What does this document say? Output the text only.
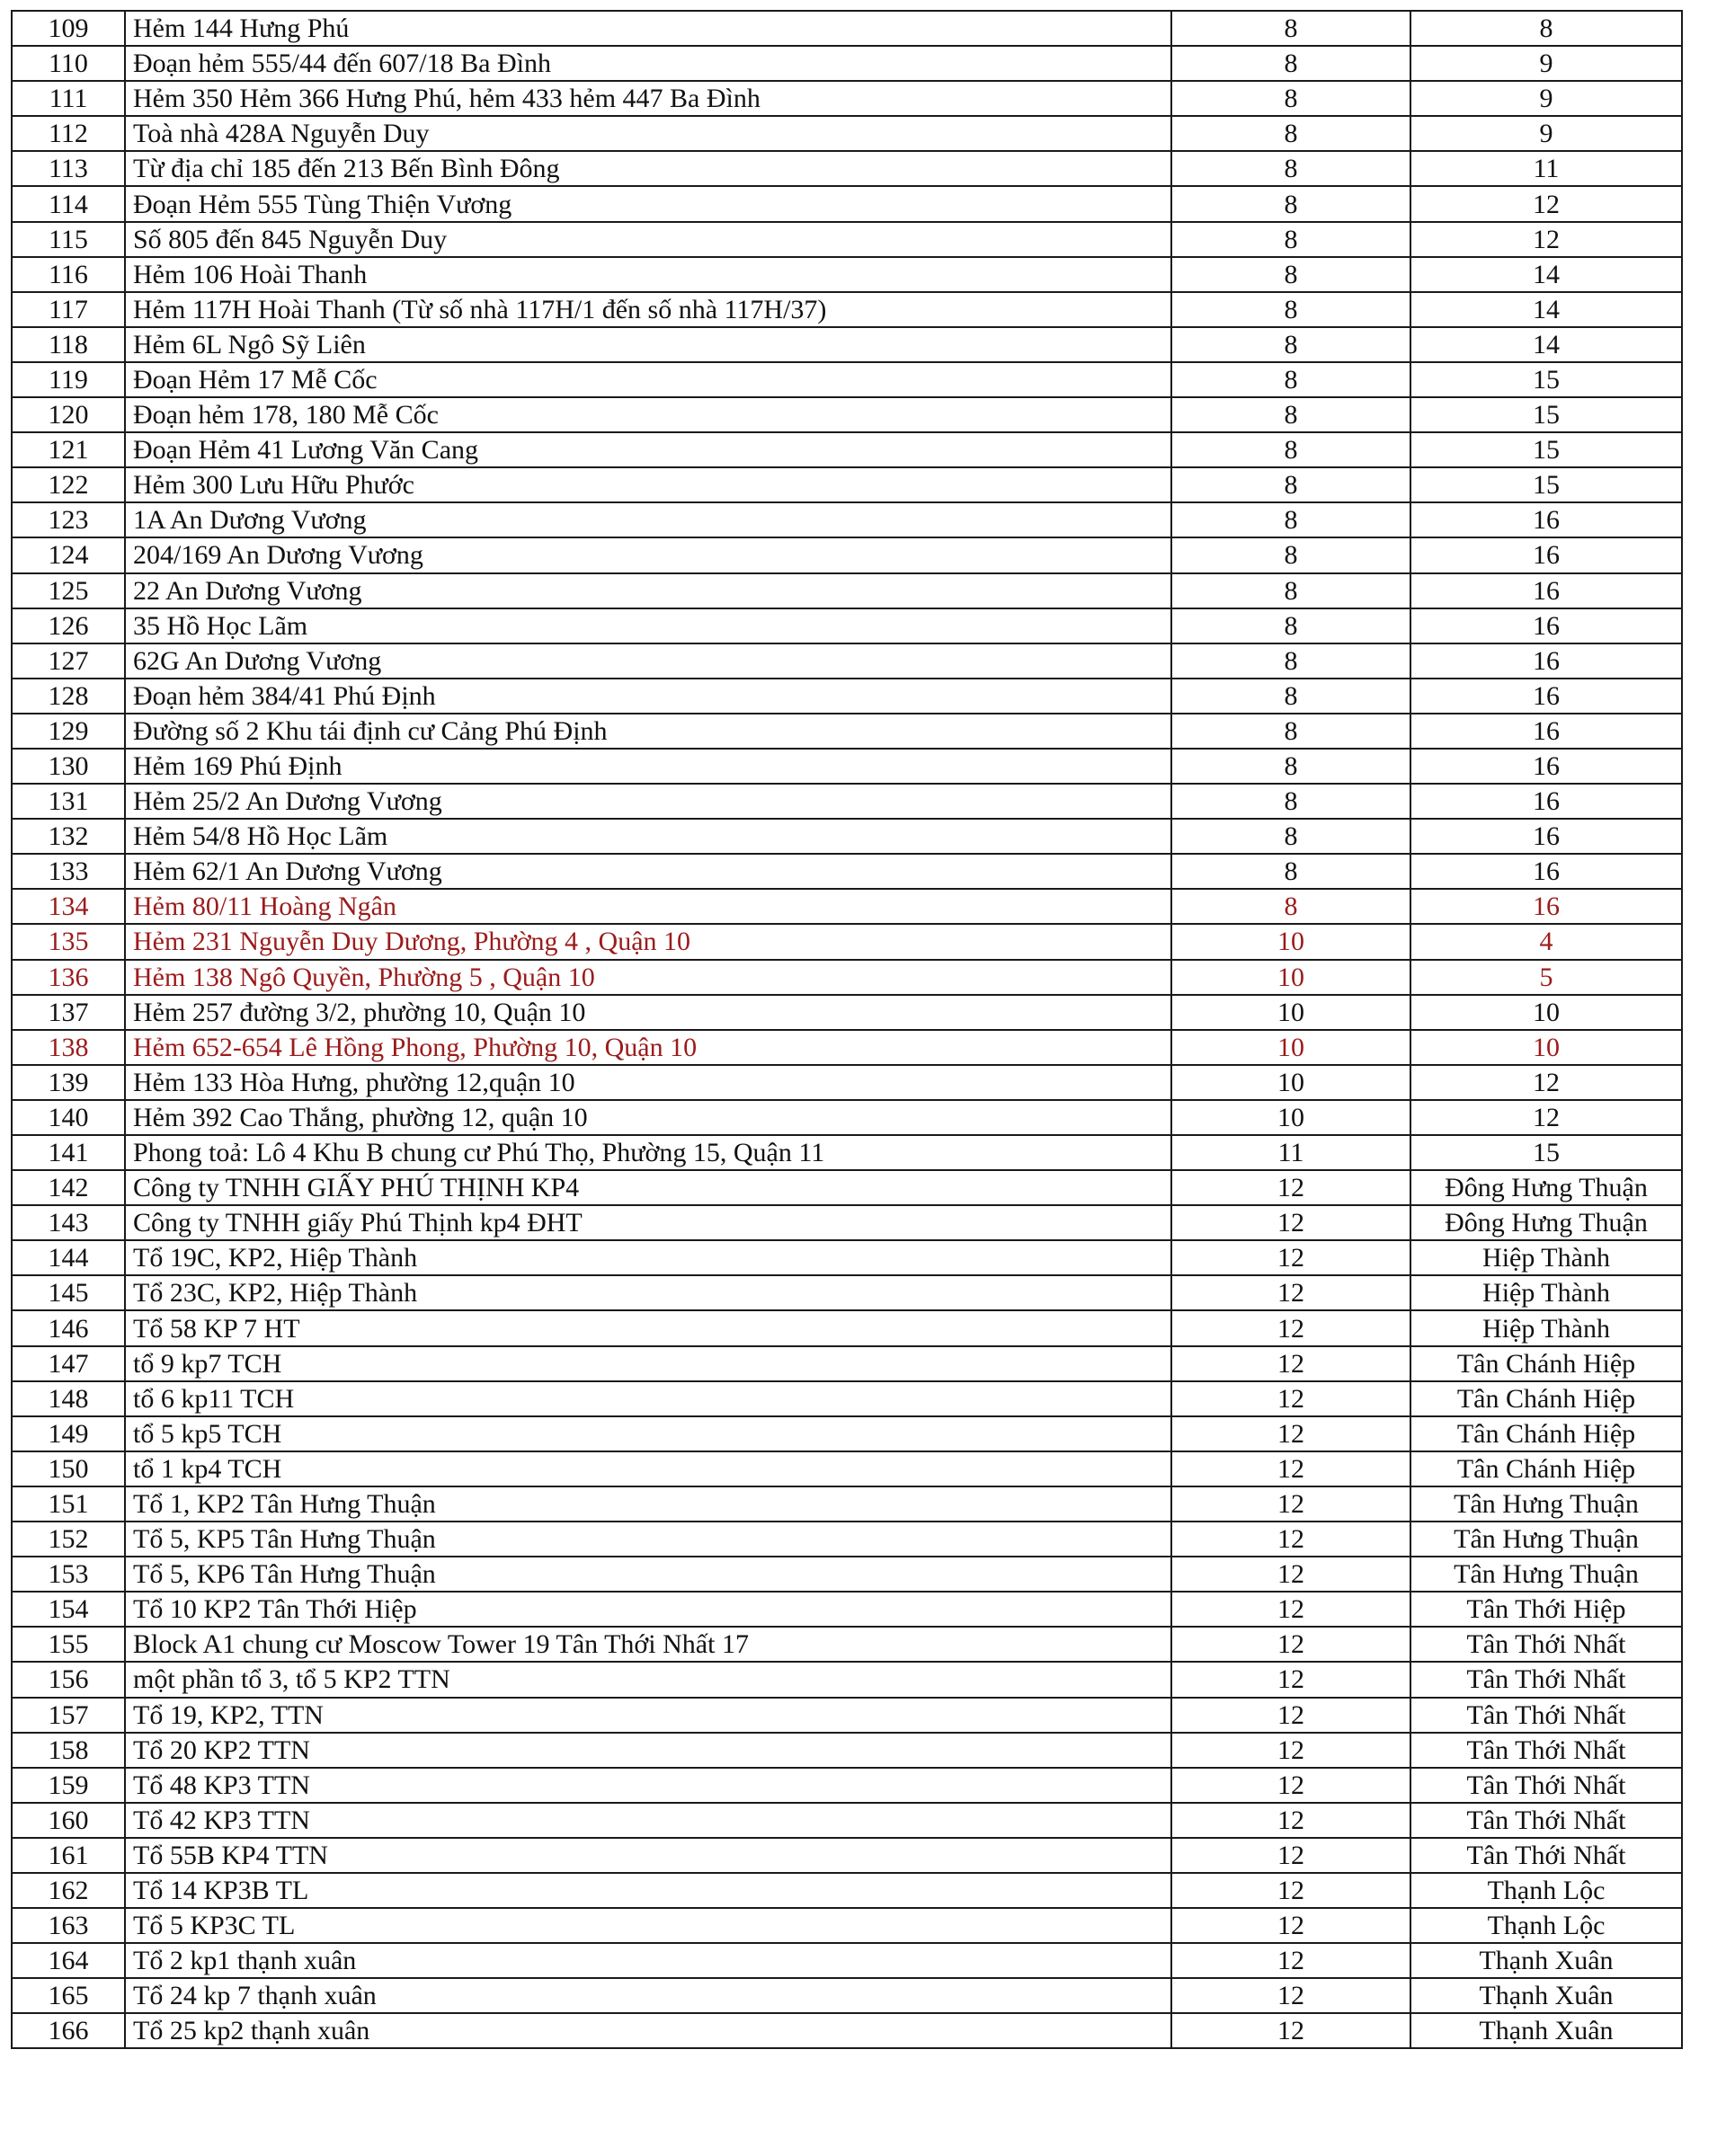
109	Hẻm 144 Hưng Phú	8	8
110	Đoạn hẻm 555/44 đến 607/18 Ba Đình	8	9
111	Hẻm 350 Hẻm 366 Hưng Phú, hẻm 433 hẻm 447 Ba Đình	8	9
112	Toà nhà 428A Nguyễn Duy	8	9
113	Từ địa chỉ 185 đến 213 Bến Bình Đông	8	11
114	Đoạn Hẻm 555 Tùng Thiện Vương	8	12
115	Số 805 đến 845 Nguyễn Duy	8	12
116	Hẻm 106 Hoài Thanh	8	14
117	Hẻm 117H Hoài Thanh (Từ số nhà 117H/1 đến số nhà 117H/37)	8	14
118	Hẻm 6L Ngô Sỹ Liên	8	14
119	Đoạn Hẻm 17 Mễ Cốc	8	15
120	Đoạn hẻm 178, 180 Mễ Cốc	8	15
121	Đoạn Hẻm 41 Lương Văn Cang	8	15
122	Hẻm 300 Lưu Hữu Phước	8	15
123	1A An Dương Vương	8	16
124	204/169 An Dương Vương	8	16
125	22 An Dương Vương	8	16
126	35 Hồ Học Lãm	8	16
127	62G An Dương Vương	8	16
128	Đoạn hẻm 384/41 Phú Định	8	16
129	Đường số 2 Khu tái định cư Cảng Phú Định	8	16
130	Hẻm 169 Phú Định	8	16
131	Hẻm 25/2 An Dương Vương	8	16
132	Hẻm 54/8 Hồ Học Lãm	8	16
133	Hẻm 62/1 An Dương Vương	8	16
134	Hẻm 80/11 Hoàng Ngân	8	16
135	Hẻm 231 Nguyễn Duy Dương, Phường 4 , Quận 10	10	4
136	Hẻm 138 Ngô Quyền, Phường 5 , Quận 10	10	5
137	Hẻm 257 đường 3/2, phường 10, Quận 10	10	10
138	Hẻm 652-654 Lê Hồng Phong, Phường 10, Quận 10	10	10
139	Hẻm 133 Hòa Hưng, phường 12,quận 10	10	12
140	Hẻm 392 Cao Thắng, phường 12, quận 10	10	12
141	Phong toả: Lô 4 Khu B chung cư Phú Thọ, Phường 15, Quận 11	11	15
142	Công ty TNHH GIẤY PHÚ THỊNH KP4	12	Đông Hưng Thuận
143	Công ty TNHH giấy Phú Thịnh kp4 ĐHT	12	Đông Hưng Thuận
144	Tổ 19C, KP2, Hiệp Thành	12	Hiệp Thành
145	Tổ 23C, KP2, Hiệp Thành	12	Hiệp Thành
146	Tổ 58 KP 7 HT	12	Hiệp Thành
147	tổ 9 kp7 TCH	12	Tân Chánh Hiệp
148	tổ 6 kp11 TCH	12	Tân Chánh Hiệp
149	tổ 5 kp5 TCH	12	Tân Chánh Hiệp
150	tổ 1 kp4 TCH	12	Tân Chánh Hiệp
151	Tổ 1, KP2 Tân Hưng Thuận	12	Tân Hưng Thuận
152	Tổ 5, KP5 Tân Hưng Thuận	12	Tân Hưng Thuận
153	Tổ 5, KP6 Tân Hưng Thuận	12	Tân Hưng Thuận
154	Tổ 10 KP2 Tân Thới Hiệp	12	Tân Thới Hiệp
155	Block A1 chung cư Moscow Tower 19 Tân Thới Nhất 17	12	Tân Thới Nhất
156	một phần tổ 3, tổ 5 KP2 TTN	12	Tân Thới Nhất
157	Tổ 19, KP2, TTN	12	Tân Thới Nhất
158	Tổ 20 KP2 TTN	12	Tân Thới Nhất
159	Tổ 48 KP3 TTN	12	Tân Thới Nhất
160	Tổ 42 KP3 TTN	12	Tân Thới Nhất
161	Tổ 55B KP4 TTN	12	Tân Thới Nhất
162	Tổ 14 KP3B TL	12	Thạnh Lộc
163	Tổ 5 KP3C TL	12	Thạnh Lộc
164	Tổ 2 kp1 thạnh xuân	12	Thạnh Xuân
165	Tổ 24 kp 7 thạnh xuân	12	Thạnh Xuân
166	Tổ 25 kp2 thạnh xuân	12	Thạnh Xuân
